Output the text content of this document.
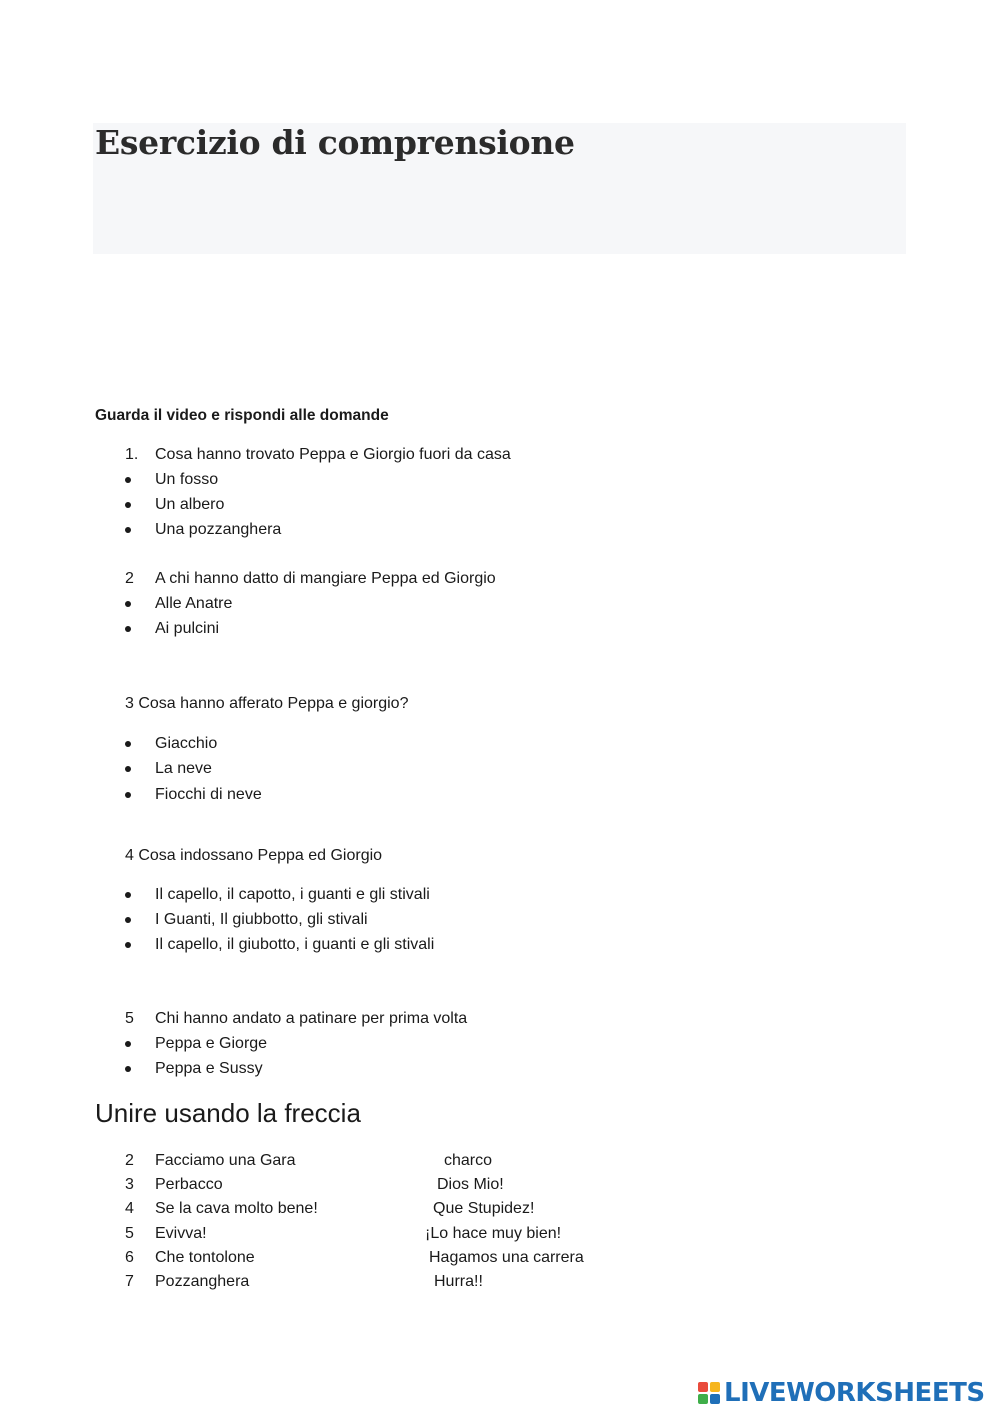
Esercizio di comprensione
Guarda il video e rispondi alle domande
1. Cosa hanno trovato Peppa e Giorgio fuori da casa
Un fosso
Un albero
Una pozzanghera
2 A chi hanno datto di mangiare Peppa ed Giorgio
Alle Anatre
Ai pulcini
3 Cosa hanno afferato Peppa e giorgio?
Giacchio
La neve
Fiocchi di neve
4 Cosa indossano Peppa ed Giorgio
Il capello, il capotto, i guanti e gli stivali
I Guanti, Il giubbotto, gli stivali
Il capello, il giubotto, i guanti e gli stivali
5 Chi hanno andato a patinare per prima volta
Peppa e Giorge
Peppa e Sussy
Unire usando la freccia
2 Facciamo una Gara	charco
3 Perbacco	Dios Mio!
4 Se la cava molto bene!	Que Stupidez!
5 Evivva!	¡Lo hace muy bien!
6 Che tontolone	Hagamos una carrera
7 Pozzanghera	Hurra!!
LIVEWORKSHEETS
